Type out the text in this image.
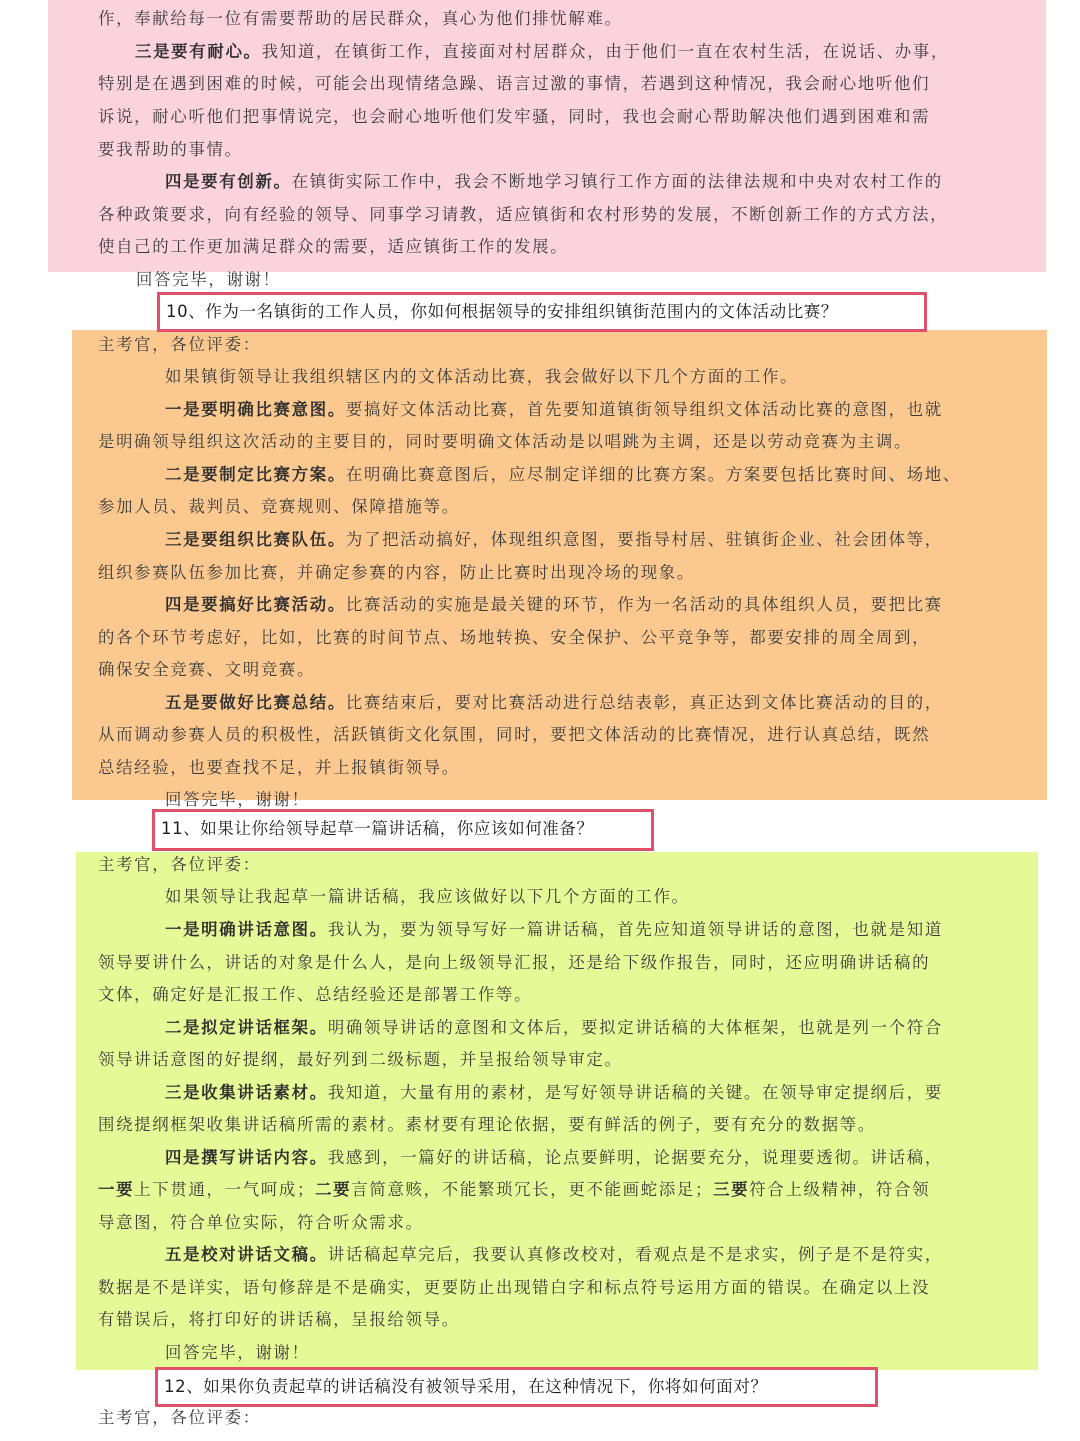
作，奉献给每一位有需要帮助的居民群众，真心为他们排忧解难。
三是要有耐心。我知道，在镇街工作，直接面对村居群众，由于他们一直在农村生活，在说话、办事，
特别是在遇到困难的时候，可能会出现情绪急躁、语言过激的事情，若遇到这种情况，我会耐心地听他们
诉说，耐心听他们把事情说完，也会耐心地听他们发牢骚，同时，我也会耐心帮助解决他们遇到困难和需
要我帮助的事情。
四是要有创新。在镇街实际工作中，我会不断地学习镇行工作方面的法律法规和中央对农村工作的
各种政策要求，向有经验的领导、同事学习请教，适应镇街和农村形势的发展，不断创新工作的方式方法，
使自己的工作更加满足群众的需要，适应镇街工作的发展。
回答完毕，谢谢！
10、作为一名镇街的工作人员，你如何根据领导的安排组织镇街范围内的文体活动比赛？
主考官，各位评委：
如果镇街领导让我组织辖区内的文体活动比赛，我会做好以下几个方面的工作。
一是要明确比赛意图。要搞好文体活动比赛，首先要知道镇街领导组织文体活动比赛的意图，也就
是明确领导组织这次活动的主要目的，同时要明确文体活动是以唱跳为主调，还是以劳动竞赛为主调。
二是要制定比赛方案。在明确比赛意图后，应尽制定详细的比赛方案。方案要包括比赛时间、场地、
参加人员、裁判员、竞赛规则、保障措施等。
三是要组织比赛队伍。为了把活动搞好，体现组织意图，要指导村居、驻镇街企业、社会团体等，
组织参赛队伍参加比赛，并确定参赛的内容，防止比赛时出现冷场的现象。
四是要搞好比赛活动。比赛活动的实施是最关键的环节，作为一名活动的具体组织人员，要把比赛
的各个环节考虑好，比如，比赛的时间节点、场地转换、安全保护、公平竞争等，都要安排的周全周到，
确保安全竞赛、文明竞赛。
五是要做好比赛总结。比赛结束后，要对比赛活动进行总结表彰，真正达到文体比赛活动的目的，
从而调动参赛人员的积极性，活跃镇街文化氛围，同时，要把文体活动的比赛情况，进行认真总结，既然
总结经验，也要查找不足，并上报镇街领导。
回答完毕，谢谢！
11、如果让你给领导起草一篇讲话稿，你应该如何准备？
主考官，各位评委：
如果领导让我起草一篇讲话稿，我应该做好以下几个方面的工作。
一是明确讲话意图。我认为，要为领导写好一篇讲话稿，首先应知道领导讲话的意图，也就是知道
领导要讲什么，讲话的对象是什么人，是向上级领导汇报，还是给下级作报告，同时，还应明确讲话稿的
文体，确定好是汇报工作、总结经验还是部署工作等。
二是拟定讲话框架。明确领导讲话的意图和文体后，要拟定讲话稿的大体框架，也就是列一个符合
领导讲话意图的好提纲，最好列到二级标题，并呈报给领导审定。
三是收集讲话素材。我知道，大量有用的素材，是写好领导讲话稿的关键。在领导审定提纲后，要
围绕提纲框架收集讲话稿所需的素材。素材要有理论依据，要有鲜活的例子，要有充分的数据等。
四是撰写讲话内容。我感到，一篇好的讲话稿，论点要鲜明，论据要充分，说理要透彻。讲话稿，
一要上下贯通，一气呵成；二要言简意赅，不能繁琐冗长，更不能画蛇添足；三要符合上级精神，符合领
导意图，符合单位实际，符合听众需求。
五是校对讲话文稿。讲话稿起草完后，我要认真修改校对，看观点是不是求实，例子是不是符实，
数据是不是详实，语句修辞是不是确实，更要防止出现错白字和标点符号运用方面的错误。在确定以上没
有错误后，将打印好的讲话稿，呈报给领导。
回答完毕，谢谢！
12、如果你负责起草的讲话稿没有被领导采用，在这种情况下，你将如何面对？
主考官，各位评委：
